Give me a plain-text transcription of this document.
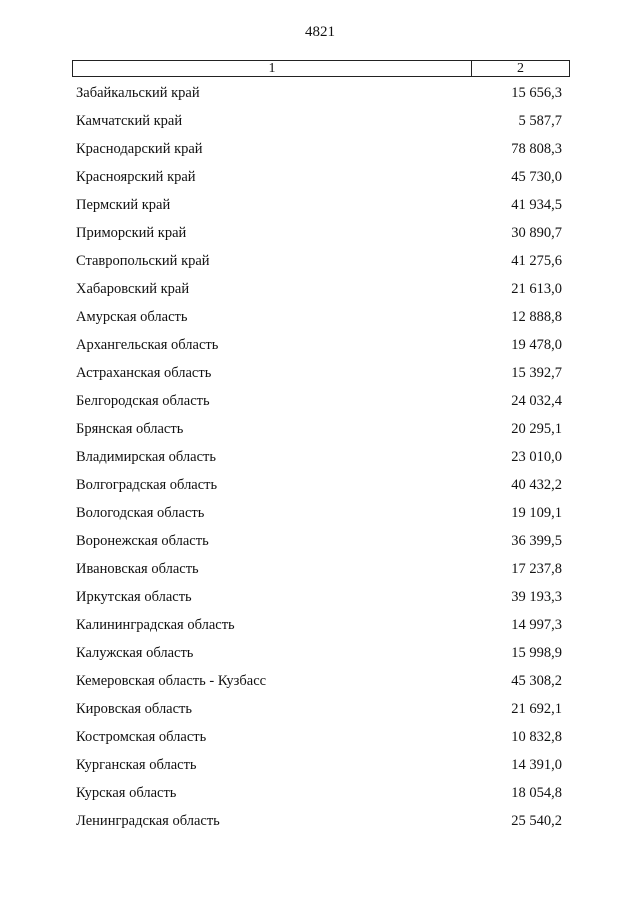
4821
1	2
Забайкальский край	15 656,3
Камчатский край	5 587,7
Краснодарский край	78 808,3
Красноярский край	45 730,0
Пермский край	41 934,5
Приморский край	30 890,7
Ставропольский край	41 275,6
Хабаровский край	21 613,0
Амурская область	12 888,8
Архангельская область	19 478,0
Астраханская область	15 392,7
Белгородская область	24 032,4
Брянская область	20 295,1
Владимирская область	23 010,0
Волгоградская область	40 432,2
Вологодская область	19 109,1
Воронежская область	36 399,5
Ивановская область	17 237,8
Иркутская область	39 193,3
Калининградская область	14 997,3
Калужская область	15 998,9
Кемеровская область - Кузбасс	45 308,2
Кировская область	21 692,1
Костромская область	10 832,8
Курганская область	14 391,0
Курская область	18 054,8
Ленинградская область	25 540,2
